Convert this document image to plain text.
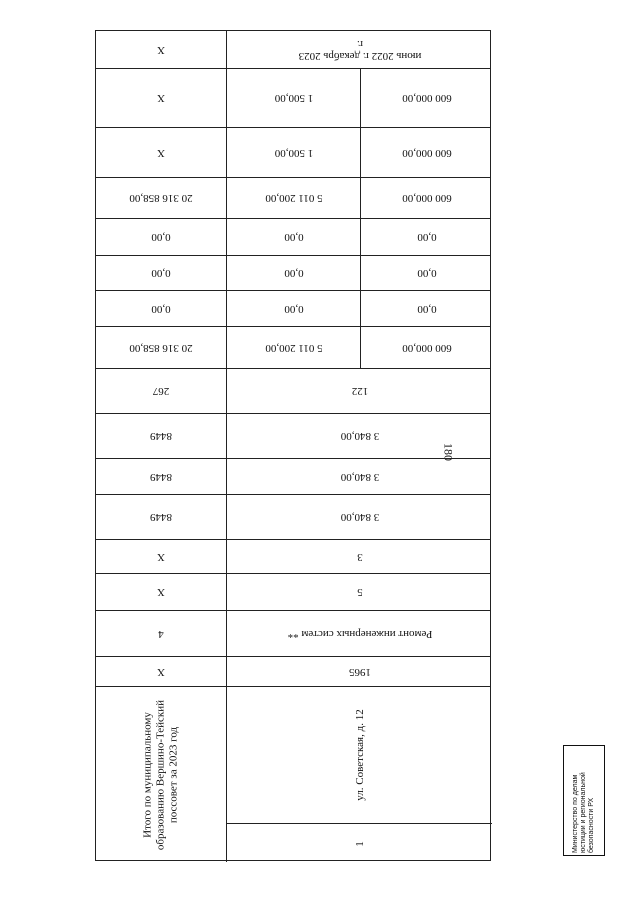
180
X	июнь 2022 г. декабрь 2023 г.
X	1 500,00	600 000,00
X	1 500,00	600 000,00
20 316 858,00	5 011 200,00	600 000,00
0,00	0,00	0,00
0,00	0,00	0,00
0,00	0,00	0,00
20 316 858,00	5 011 200,00	600 000,00
267	122
8449	3 840,00
8449	3 840,00
8449	3 840,00
X	3
X	5
4	Ремонт инженерных систем **
X	1965
Итого по муниципальному образованию Вершино-Тейский поссовет за 2023 год	ул. Советская, д. 12
1	Министерство по делам юстиции и региональной безопасности РХ
